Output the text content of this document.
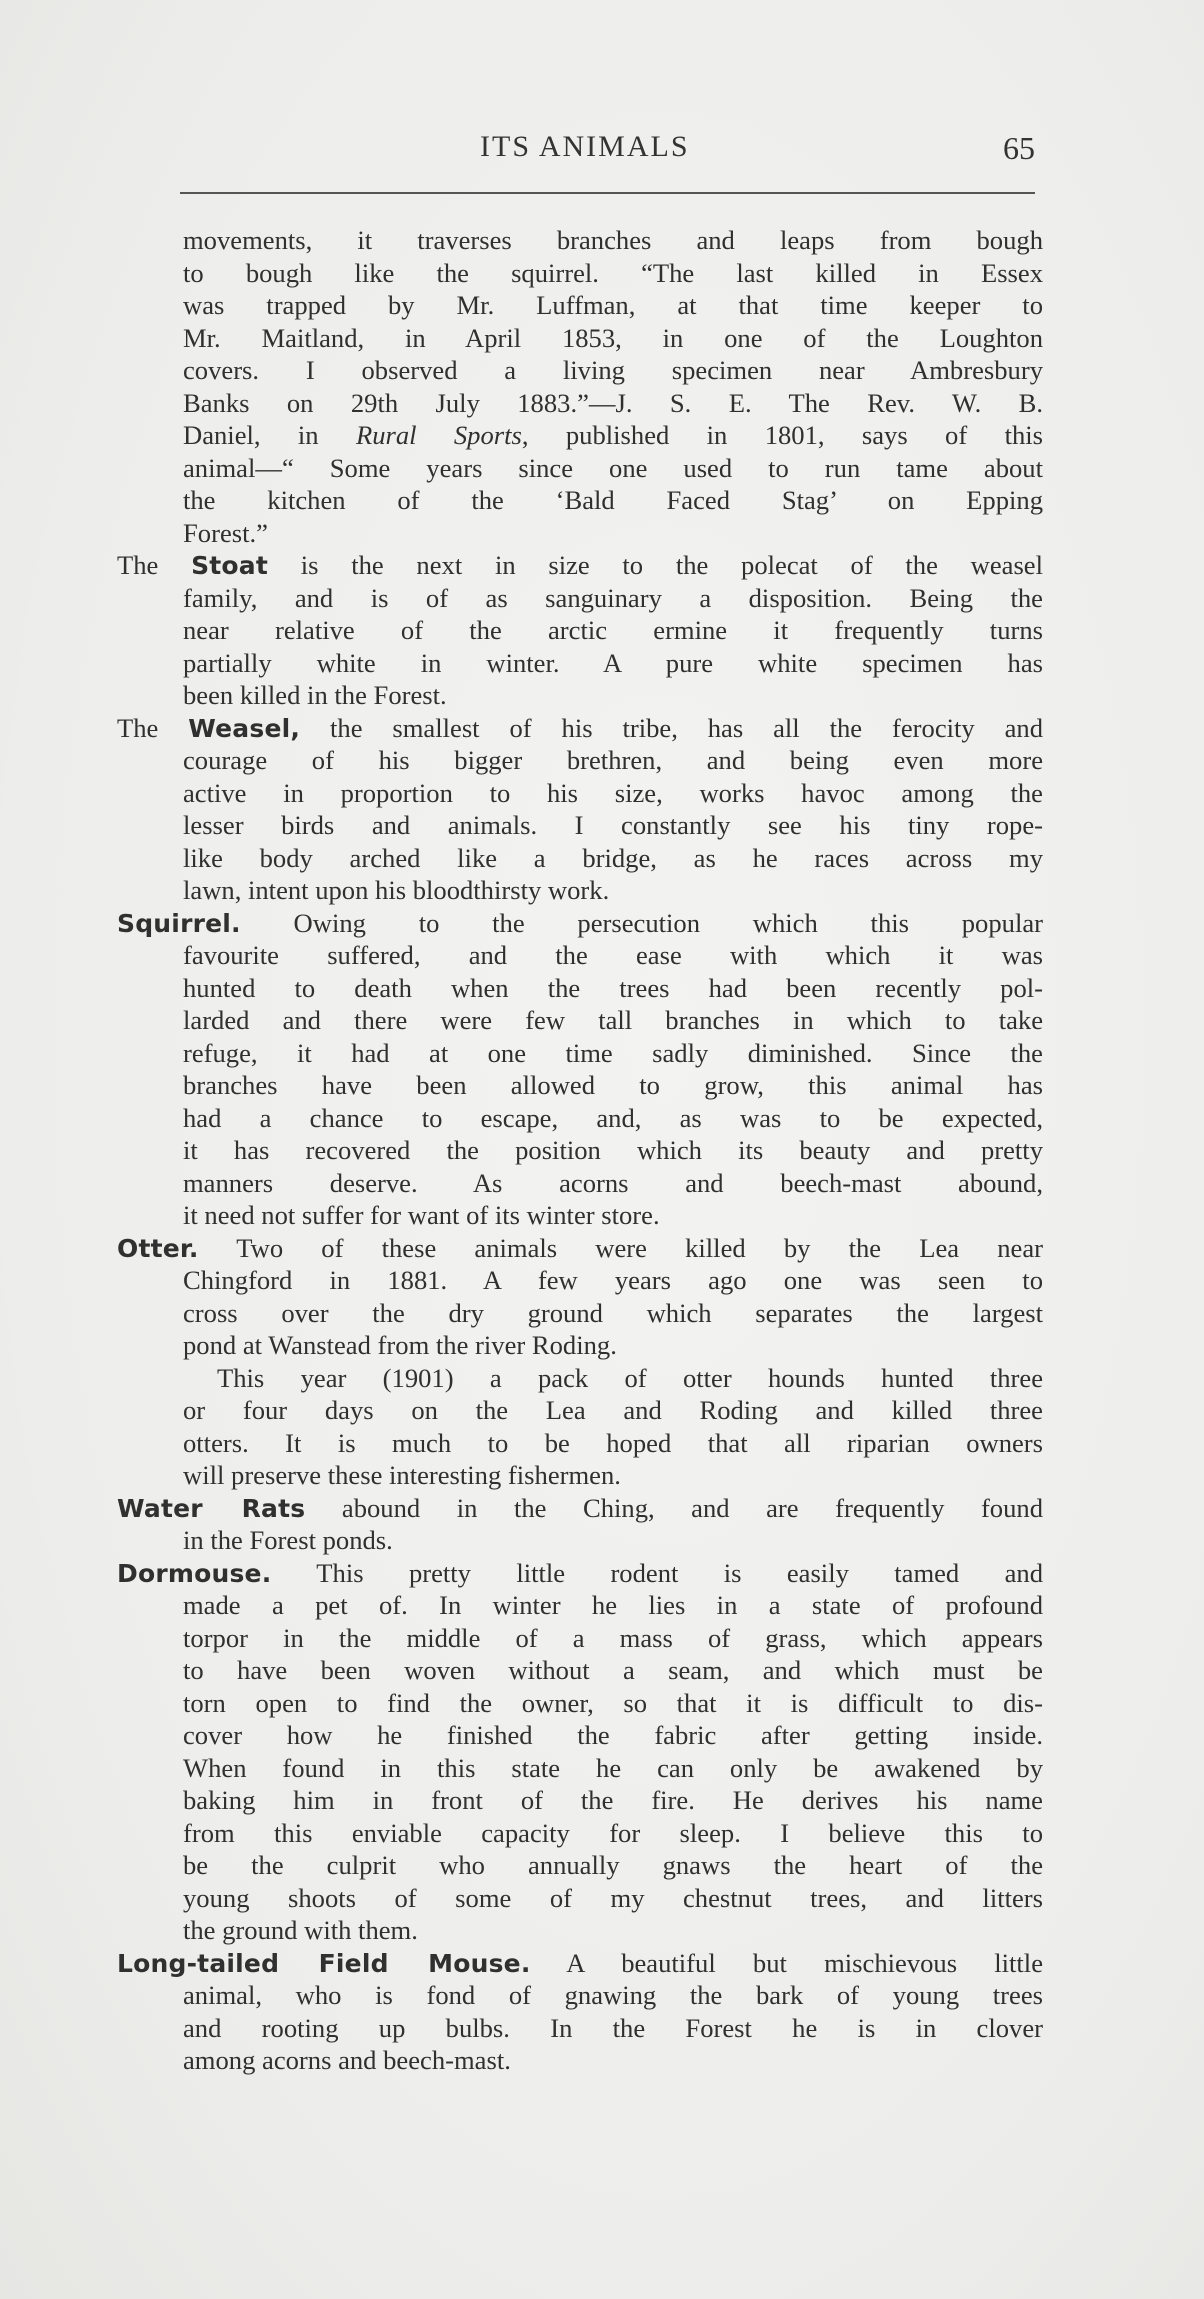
ITS ANIMALS	65
movements, it traverses branches and leaps from bough
to bough like the squirrel. “The last killed in Essex
was trapped by Mr. Luffman, at that time keeper to
Mr. Maitland, in April 1853, in one of the Loughton
covers. I observed a living specimen near Ambresbury
Banks on 29th July 1883.”—J. S. E. The Rev. W. B.
Daniel, in Rural Sports, published in 1801, says of this
animal—“ Some years since one used to run tame about
the kitchen of the ‘Bald Faced Stag’ on Epping
Forest.”
The Stoat is the next in size to the polecat of the weasel
family, and is of as sanguinary a disposition. Being the
near relative of the arctic ermine it frequently turns
partially white in winter. A pure white specimen has
been killed in the Forest.
The Weasel, the smallest of his tribe, has all the ferocity and
courage of his bigger brethren, and being even more
active in proportion to his size, works havoc among the
lesser birds and animals. I constantly see his tiny rope-
like body arched like a bridge, as he races across my
lawn, intent upon his bloodthirsty work.
Squirrel. Owing to the persecution which this popular
favourite suffered, and the ease with which it was
hunted to death when the trees had been recently pol-
larded and there were few tall branches in which to take
refuge, it had at one time sadly diminished. Since the
branches have been allowed to grow, this animal has
had a chance to escape, and, as was to be expected,
it has recovered the position which its beauty and pretty
manners deserve. As acorns and beech-mast abound,
it need not suffer for want of its winter store.
Otter. Two of these animals were killed by the Lea near
Chingford in 1881. A few years ago one was seen to
cross over the dry ground which separates the largest
pond at Wanstead from the river Roding.
This year (1901) a pack of otter hounds hunted three
or four days on the Lea and Roding and killed three
otters. It is much to be hoped that all riparian owners
will preserve these interesting fishermen.
Water Rats abound in the Ching, and are frequently found
in the Forest ponds.
Dormouse. This pretty little rodent is easily tamed and
made a pet of. In winter he lies in a state of profound
torpor in the middle of a mass of grass, which appears
to have been woven without a seam, and which must be
torn open to find the owner, so that it is difficult to dis-
cover how he finished the fabric after getting inside.
When found in this state he can only be awakened by
baking him in front of the fire. He derives his name
from this enviable capacity for sleep. I believe this to
be the culprit who annually gnaws the heart of the
young shoots of some of my chestnut trees, and litters
the ground with them.
Long-tailed Field Mouse. A beautiful but mischievous little
animal, who is fond of gnawing the bark of young trees
and rooting up bulbs. In the Forest he is in clover
among acorns and beech-mast.
